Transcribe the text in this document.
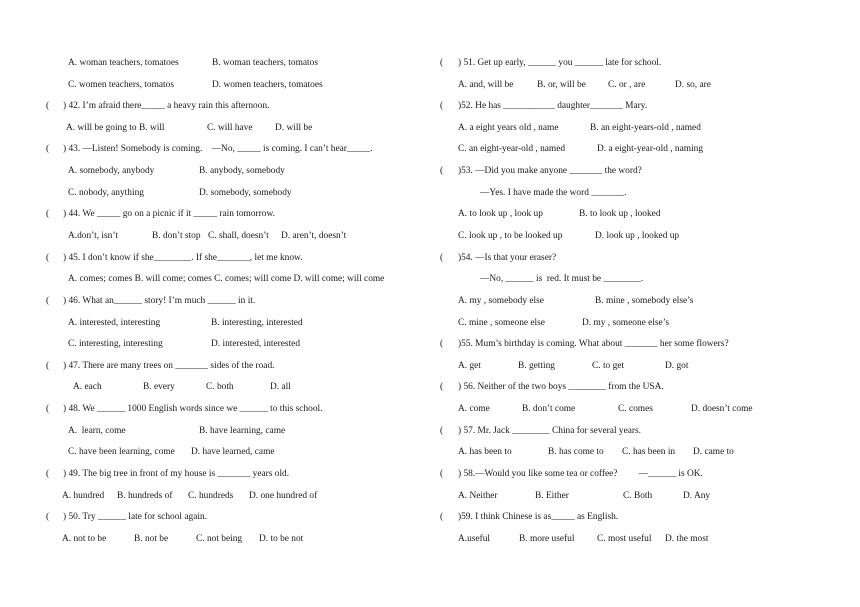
A. woman teachers, tomatoes	B. woman teachers, tomatos
C. women teachers, tomatos	D. women teachers, tomatoes
( ) 42. I’m afraid there_____ a heavy rain this afternoon.
A. will be going to B. will	C. will have D. will be
( ) 43. —Listen! Somebody is coming.    —No, _____ is coming. I can’t hear_____.
A. somebody, anybody	B. anybody, somebody
C. nobody, anything	D. somebody, somebody
( ) 44. We _____ go on a picnic if it _____ rain tomorrow.
A.don’t, isn’t	B. don’t stop C. shall, doesn’t D. aren’t, doesn’t
( ) 45. I don’t know if she________. If she_______, let me know.
A. comes; comes B. will come; comes C. comes; will come D. will come; will come
( ) 46. What an______ story! I’m much ______ in it.
A. interested, interesting	B. interesting, interested
C. interesting, interesting	D. interested, interested
( ) 47. There are many trees on _______ sides of the road.
A. each	B. every	C. both	D. all
( ) 48. We ______ 1000 English words since we ______ to this school.
A.  learn, come	B. have learning, came
C. have been learning, come D. have learned, came
( ) 49. The big tree in front of my house is _______ years old.
A. hundred B. hundreds of C. hundreds D. one hundred of
( ) 50. Try ______ late for school again.
A. not to be	B. not be	C. not being D. to be not
( ) 51. Get up early, ______ you ______ late for school.
A. and, will be	B. or, will be C. or , are	D. so, are
( )52. He has ___________ daughter_______ Mary.
A. a eight years old , name	B. an eight-years-old , named
C. an eight-year-old , named	D. a eight-year-old , naming
( )53. —Did you make anyone _______ the word?
—Yes. I have made the word _______.
A. to look up , look up	B. to look up , looked
C. look up , to be looked up	D. look up , looked up
( )54. —Is that your eraser?
—No, ______ is  red. It must be ________.
A. my , somebody else	B. mine , somebody else’s
C. mine , someone else	D. my , someone else’s
( )55. Mum’s birthday is coming. What about _______ her some flowers?
A. get	B. getting	C. to get	D. got
( ) 56. Neither of the two boys ________ from the USA.
A. come	B. don’t come	C. comes	D. doesn’t come
( ) 57. Mr. Jack ________ China for several years.
A. has been to	B. has come to C. has been in D. came to
( ) 58.—Would you like some tea or coffee?         —______ is OK.
A. Neither	B. Either	C. Both	D. Any
( )59. I think Chinese is as_____ as English.
A.useful	B. more useful C. most useful D. the most
